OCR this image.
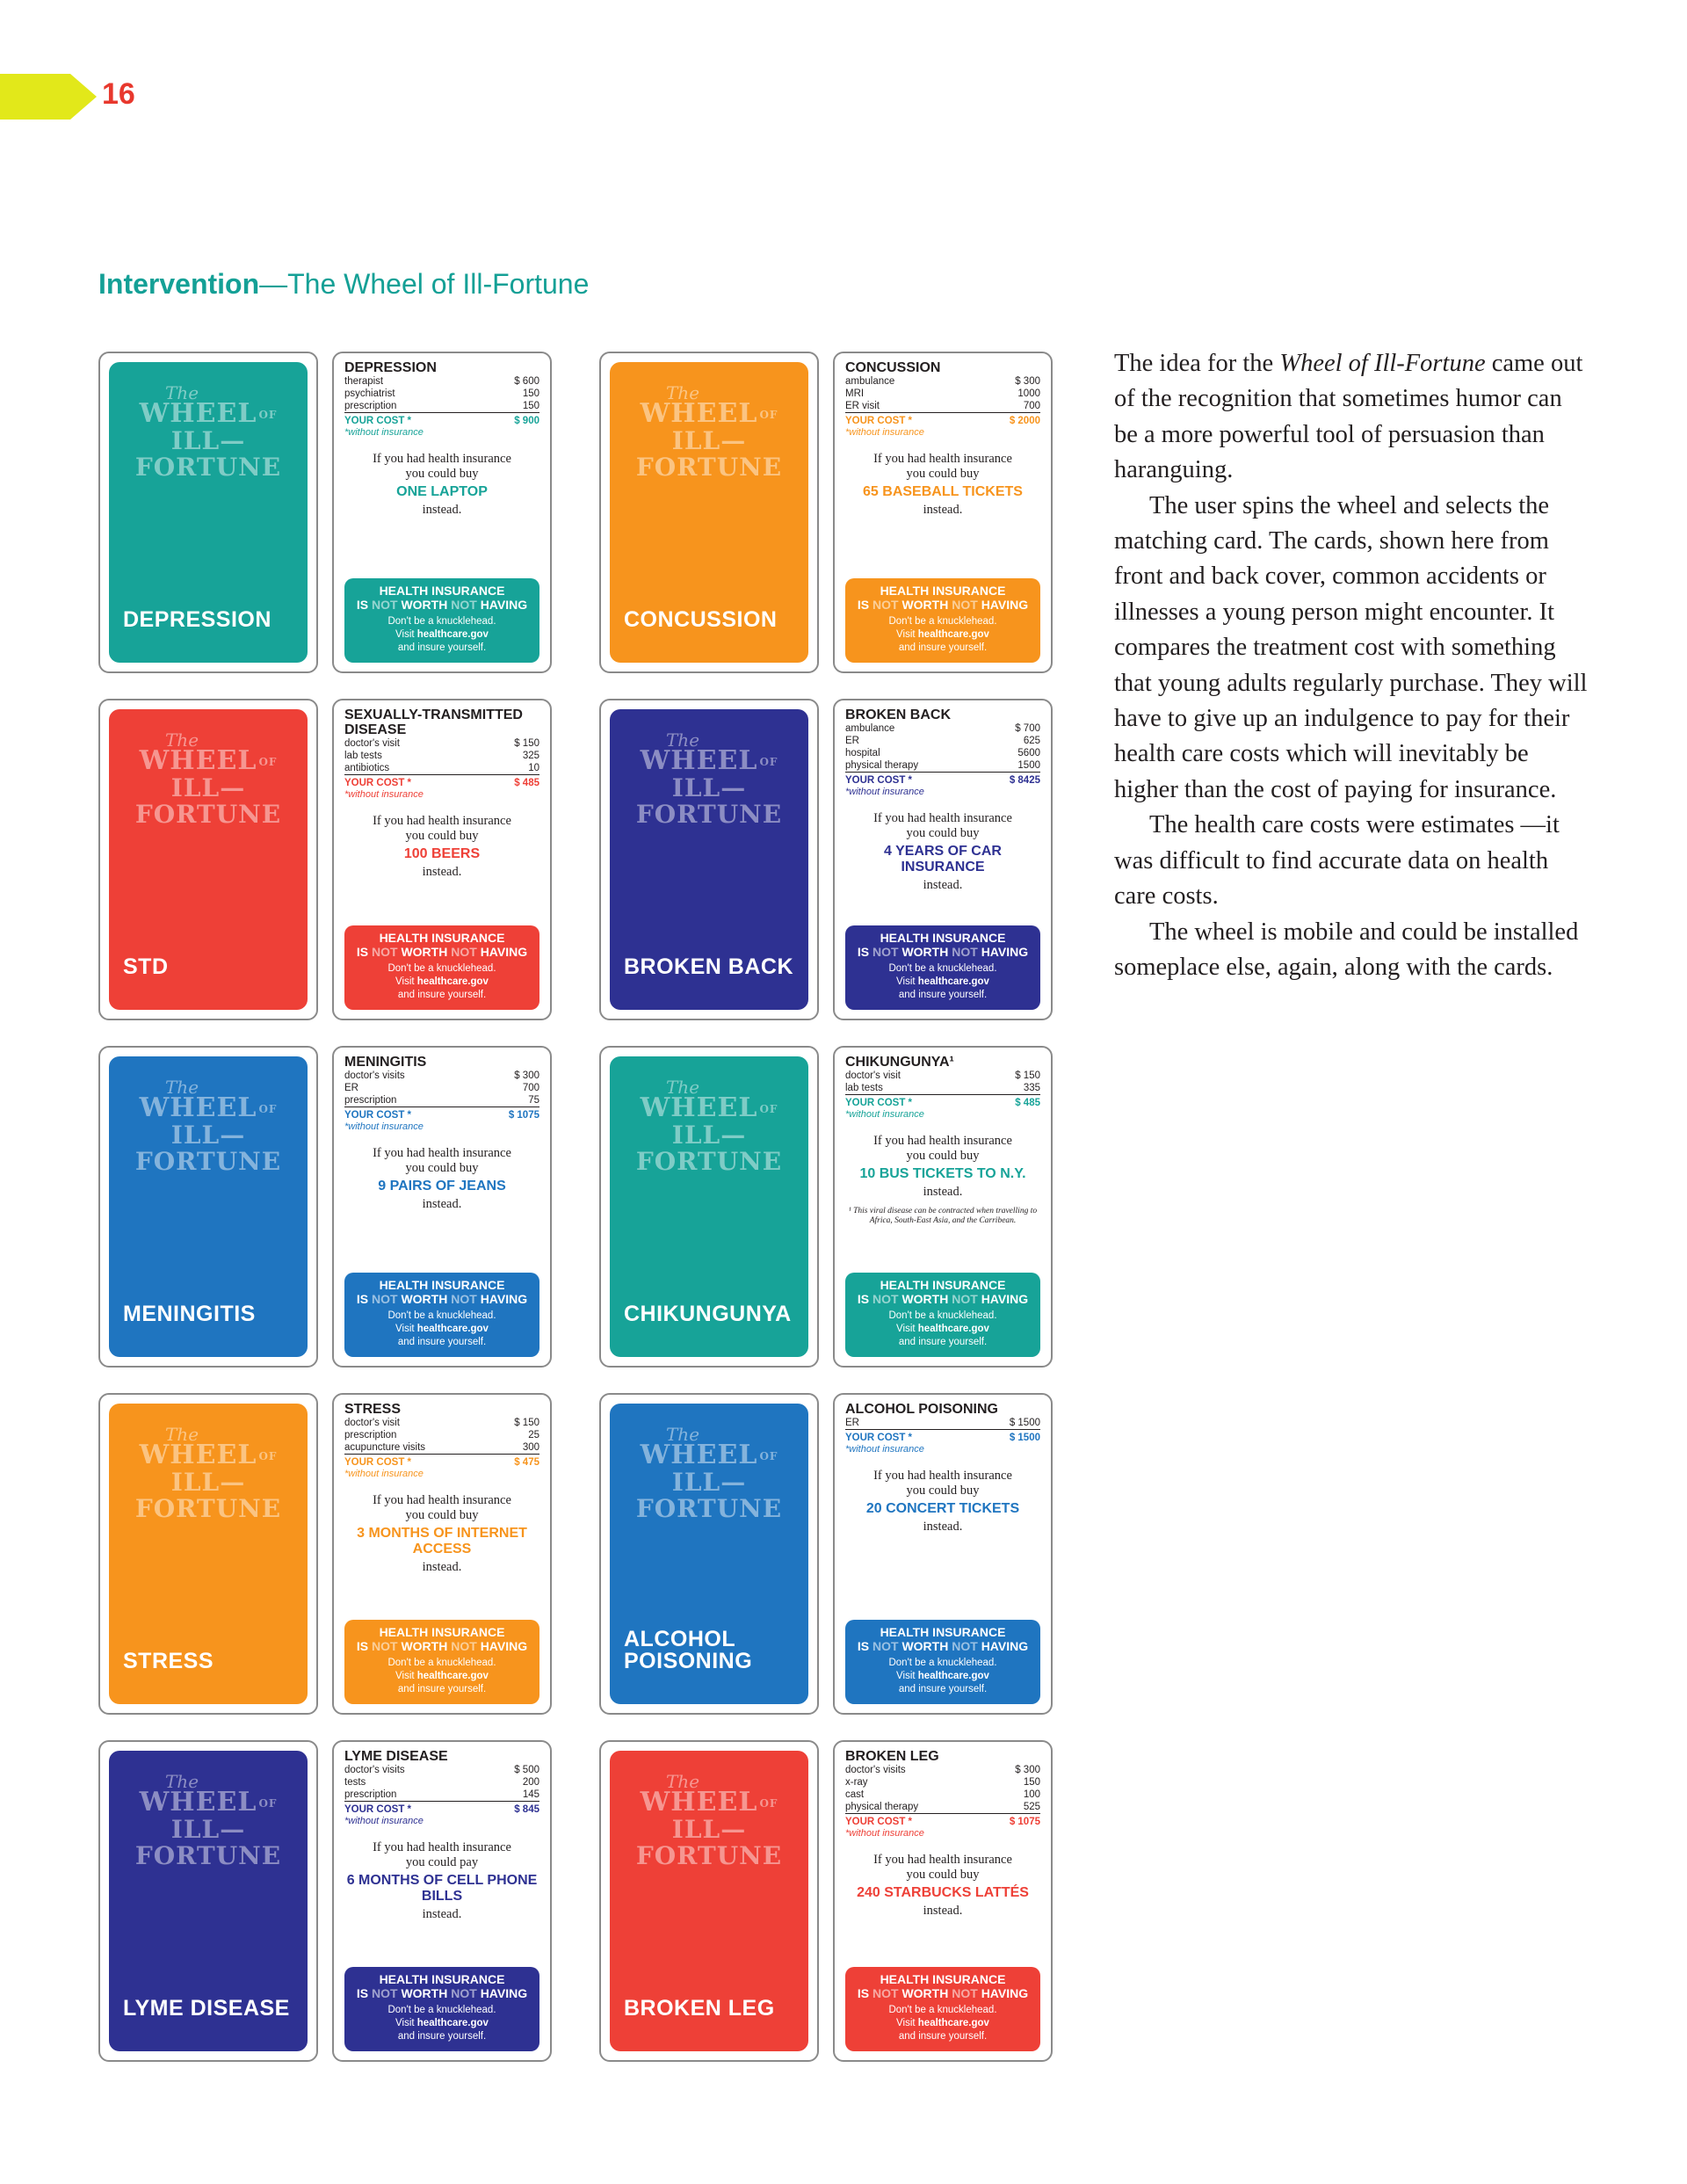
16
Intervention—The Wheel of Ill-Fortune
The
WHEEL OF
ILL—FORTUNE
DEPRESSION
DEPRESSION
therapist	$ 600
psychiatrist	150
prescription	150
YOUR COST *	$ 900
*without insurance
If you had health insurance
you could buy
ONE LAPTOP
instead.
HEALTH INSURANCE
IS NOT WORTH NOT HAVING
Don't be a knucklehead.
Visit healthcare.gov
and insure yourself.
The
WHEEL OF
ILL—FORTUNE
CONCUSSION
CONCUSSION
ambulance	$ 300
MRI	1000
ER visit	700
YOUR COST *	$ 2000
*without insurance
If you had health insurance
you could buy
65 BASEBALL TICKETS
instead.
HEALTH INSURANCE
IS NOT WORTH NOT HAVING
Don't be a knucklehead.
Visit healthcare.gov
and insure yourself.
The
WHEEL OF
ILL—FORTUNE
STD
SEXUALLY-TRANSMITTED DISEASE
doctor's visit	$ 150
lab tests	325
antibiotics	10
YOUR COST *	$ 485
*without insurance
If you had health insurance
you could buy
100 BEERS
instead.
HEALTH INSURANCE
IS NOT WORTH NOT HAVING
Don't be a knucklehead.
Visit healthcare.gov
and insure yourself.
The
WHEEL OF
ILL—FORTUNE
BROKEN BACK
BROKEN BACK
ambulance	$ 700
ER	625
hospital	5600
physical therapy	1500
YOUR COST *	$ 8425
*without insurance
If you had health insurance
you could buy
4 YEARS OF CAR INSURANCE
instead.
HEALTH INSURANCE
IS NOT WORTH NOT HAVING
Don't be a knucklehead.
Visit healthcare.gov
and insure yourself.
The
WHEEL OF
ILL—FORTUNE
MENINGITIS
MENINGITIS
doctor's visits	$ 300
ER	700
prescription	75
YOUR COST *	$ 1075
*without insurance
If you had health insurance
you could buy
9 PAIRS OF JEANS
instead.
HEALTH INSURANCE
IS NOT WORTH NOT HAVING
Don't be a knucklehead.
Visit healthcare.gov
and insure yourself.
The
WHEEL OF
ILL—FORTUNE
CHIKUNGUNYA
CHIKUNGUNYA¹
doctor's visit	$ 150
lab tests	335
YOUR COST *	$ 485
*without insurance
If you had health insurance
you could buy
10 BUS TICKETS TO N.Y.
instead.
¹ This viral disease can be contracted when travelling to Africa, South-East Asia, and the Carribean.
HEALTH INSURANCE
IS NOT WORTH NOT HAVING
Don't be a knucklehead.
Visit healthcare.gov
and insure yourself.
The
WHEEL OF
ILL—FORTUNE
STRESS
STRESS
doctor's visit	$ 150
prescription	25
acupuncture visits	300
YOUR COST *	$ 475
*without insurance
If you had health insurance
you could buy
3 MONTHS OF INTERNET ACCESS
instead.
HEALTH INSURANCE
IS NOT WORTH NOT HAVING
Don't be a knucklehead.
Visit healthcare.gov
and insure yourself.
The
WHEEL OF
ILL—FORTUNE
ALCOHOL POISONING
ALCOHOL POISONING
ER	$ 1500
YOUR COST *	$ 1500
*without insurance
If you had health insurance
you could buy
20 CONCERT TICKETS
instead.
HEALTH INSURANCE
IS NOT WORTH NOT HAVING
Don't be a knucklehead.
Visit healthcare.gov
and insure yourself.
The
WHEEL OF
ILL—FORTUNE
LYME DISEASE
LYME DISEASE
doctor's visits	$ 500
tests	200
prescription	145
YOUR COST *	$ 845
*without insurance
If you had health insurance
you could pay
6 MONTHS OF CELL PHONE BILLS
instead.
HEALTH INSURANCE
IS NOT WORTH NOT HAVING
Don't be a knucklehead.
Visit healthcare.gov
and insure yourself.
The
WHEEL OF
ILL—FORTUNE
BROKEN LEG
BROKEN LEG
doctor's visits	$ 300
x-ray	150
cast	100
physical therapy	525
YOUR COST *	$ 1075
*without insurance
If you had health insurance
you could buy
240 STARBUCKS LATTÉS
instead.
HEALTH INSURANCE
IS NOT WORTH NOT HAVING
Don't be a knucklehead.
Visit healthcare.gov
and insure yourself.

The idea for the Wheel of Ill-Fortune came out of the recognition that sometimes humor can be a more powerful tool of persuasion than haranguing.

The user spins the wheel and selects the matching card. The cards, shown here from front and back cover, common accidents or illnesses a young person might encounter. It compares the treatment cost with something that young adults regularly purchase. They will have to give up an indulgence to pay for their health care costs which will inevitably be higher than the cost of paying for insurance.

The health care costs were estimates —it was difficult to find accurate data on health care costs.

The wheel is mobile and could be installed someplace else, again, along with the cards.
